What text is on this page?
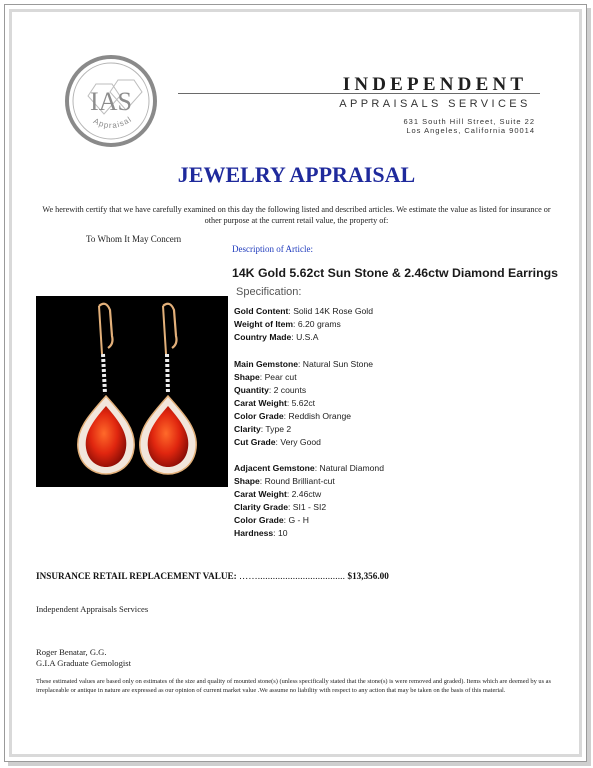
IAS
Appraisal
INDEPENDENT
APPRAISALS SERVICES
631 South Hill Street, Suite 22
Los Angeles, California 90014
JEWELRY APPRAISAL
We herewith certify that we have carefully examined on this day the following listed and described articles. We estimate the value as listed for insurance or other purpose at the current retail value, the property of:
To Whom It May Concern
Description of Article:
14K Gold 5.62ct Sun Stone & 2.46ctw Diamond Earrings
Specification:
Gold Content: Solid 14K Rose Gold
Weight of Item: 6.20 grams
Country Made: U.S.A
Main Gemstone: Natural Sun Stone
Shape: Pear cut
Quantity: 2 counts
Carat Weight: 5.62ct
Color Grade: Reddish Orange
Clarity: Type 2
Cut Grade: Very Good
Adjacent Gemstone: Natural Diamond
Shape: Round Brilliant-cut
Carat Weight: 2.46ctw
Clarity Grade: SI1 - SI2
Color Grade: G - H
Hardness: 10
INSURANCE RETAIL REPLACEMENT VALUE: ……................................... $13,356.00
Independent Appraisals Services
Roger Benatar, G.G.
G.I.A Graduate Gemologist
These estimated values are based only on estimates of the size and quality of mounted stone(s) (unless specifically stated that the stone(s) is were removed and graded). Items which are deemed by us as irreplaceable or antique in nature are expressed as our opinion of current market value .We assume no liability with respect to any action that may be taken on the basis of this material.
